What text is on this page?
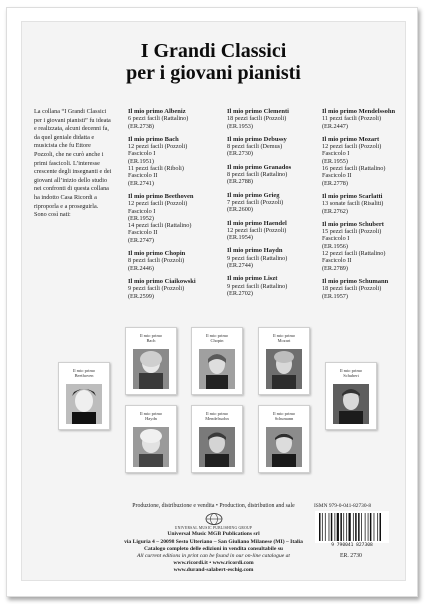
I Grandi Classici
per i giovani pianisti
La collana “I Grandi Classici per i giovani pianisti” fu ideata e realizzata, alcuni decenni fa, da quel geniale didatta e musicista che fu Ettore Pozzoli, che ne curò anche i primi fascicoli. L’interesse crescente degli insegnanti e dei giovani all’inizio dello studio nei confronti di questa collana ha indotto Casa Ricordi a riproporla e a proseguirla. Sono così nati:
Il mio primo Albeniz
6 pezzi facili (Rattalino)
(ER.2738)
Il mio primo Bach
12 pezzi facili (Pozzoli)
Fascicolo I
(ER.1951)
11 pezzi facili (Riboli)
Fascicolo II
(ER.2741)
Il mio primo Beethoven
12 pezzi facili (Pozzoli)
Fascicolo I
(ER.1952)
14 pezzi facili (Rattalino)
Fascicolo II
(ER.2747)
Il mio primo Chopin
8 pezzi facili (Pozzoli)
(ER.2446)
Il mio primo Ciaikowski
9 pezzi facili (Pozzoli)
(ER.2599)
Il mio primo Clementi
18 pezzi facili (Pozzoli)
(ER.1953)
Il mio primo Debussy
8 pezzi facili (Demus)
(ER.2730)
Il mio primo Granados
8 pezzi facili (Rattalino)
(ER.2788)
Il mio primo Grieg
7 pezzi facili (Pozzoli)
(ER.2600)
Il mio primo Haendel
12 pezzi facili (Pozzoli)
(ER.1954)
Il mio primo Haydn
9 pezzi facili (Rattalino)
(ER.2744)
Il mio primo Liszt
9 pezzi facili (Rattalino)
(ER.2702)
Il mio primo Mendelssohn
11 pezzi facili (Pozzoli)
(ER.2447)
Il mio primo Mozart
12 pezzi facili (Pozzoli)
Fascicolo I
(ER.1955)
16 pezzi facili (Rattalino)
Fascicolo II
(ER.2778)
Il mio primo Scarlatti
13 sonate facili (Risaliti)
(ER.2762)
Il mio primo Schubert
15 pezzi facili (Pozzoli)
Fascicolo I
(ER.1956)
12 pezzi facili (Rattalino)
Fascicolo II
(ER.2789)
Il mio primo Schumann
18 pezzi facili (Pozzoli)
(ER.1957)
Il mio primo
Bach
Il mio primo
Chopin
Il mio primo
Mozart
Il mio primo
Beethoven
Il mio primo
Schubert
Il mio primo
Haydn
Il mio primo
Mendelssohn
Il mio primo
Schumann
Produzione, distribuzione e vendita • Production, distribution and sale
UNIVERSAL MUSIC PUBLISHING GROUP
Universal Music MGB Publications srl
via Liguria 4 – 20098 Sesto Ulteriano – San Giuliano Milanese (MI) – Italia
Catalogo completo delle edizioni in vendita consultabile su
All current editions in print can be found in our on-line catalogue at
www.ricordi.it • www.ricordi.com
www.durand-salabert-eschig.com
ISMN 979-0-041-82730-8
9 790041 827308
ER. 2730
